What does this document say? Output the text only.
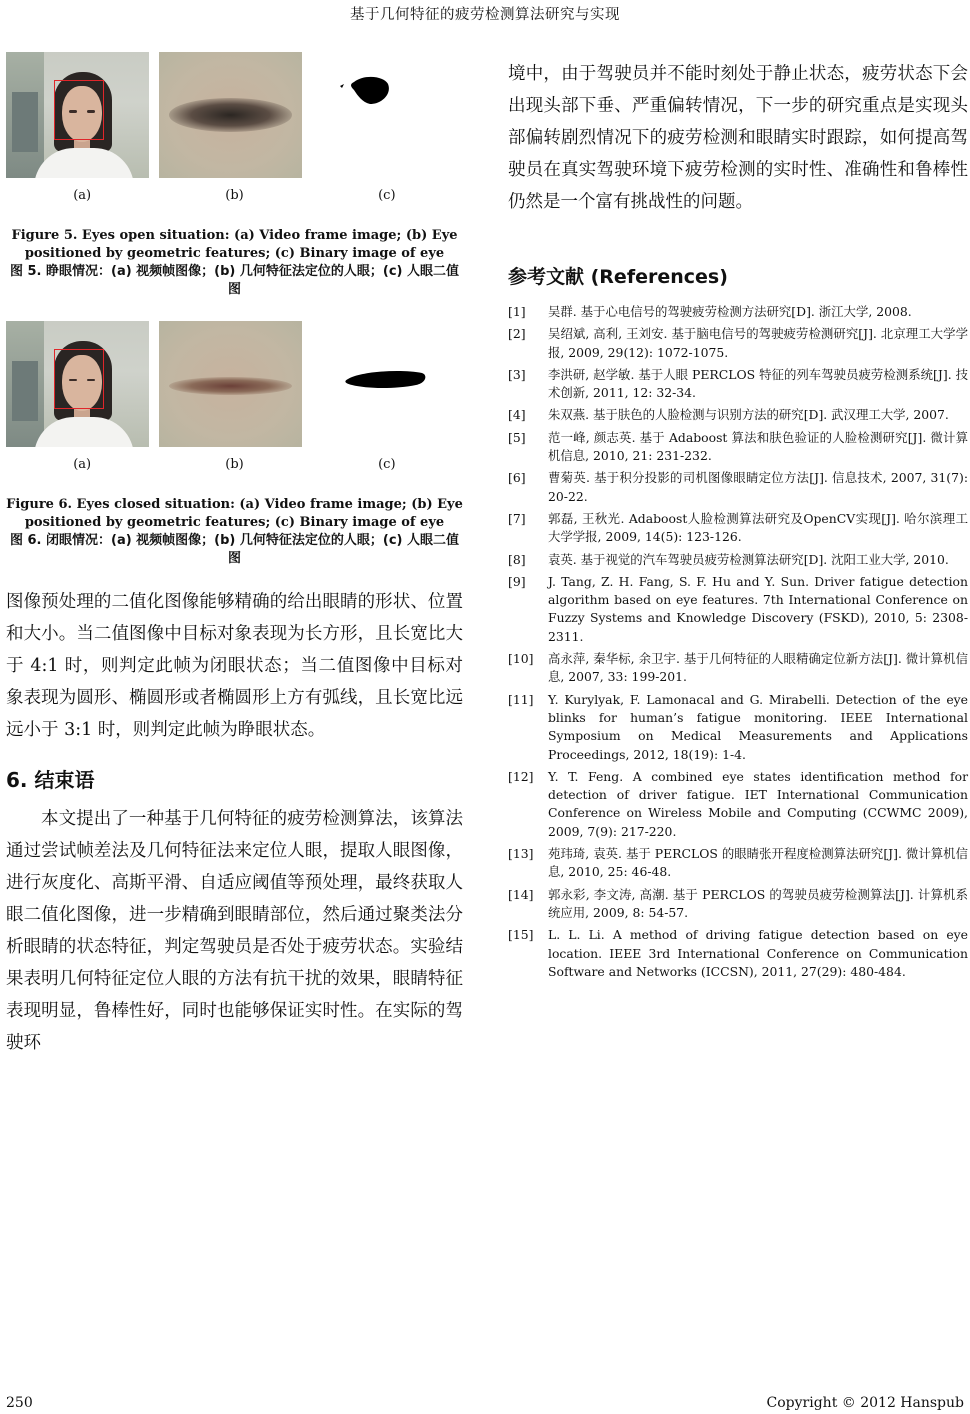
基于几何特征的疲劳检测算法研究与实现
(a)	(b)	(c)
Figure 5. Eyes open situation: (a) Video frame image; (b) Eye positioned by geometric features; (c) Binary image of eye
图 5. 睁眼情况：(a) 视频帧图像；(b) 几何特征法定位的人眼；(c) 人眼二值图
(a)	(b)	(c)
Figure 6. Eyes closed situation: (a) Video frame image; (b) Eye positioned by geometric features; (c) Binary image of eye
图 6. 闭眼情况：(a) 视频帧图像；(b) 几何特征法定位的人眼；(c) 人眼二值图

图像预处理的二值化图像能够精确的给出眼睛的形状、位置和大小。当二值图像中目标对象表现为长方形，且长宽比大于 4:1 时，则判定此帧为闭眼状态；当二值图像中目标对象表现为圆形、椭圆形或者椭圆形上方有弧线，且长宽比远远小于 3:1 时，则判定此帧为睁眼状态。

6. 结束语

本文提出了一种基于几何特征的疲劳检测算法，该算法通过尝试帧差法及几何特征法来定位人眼，提取人眼图像，进行灰度化、高斯平滑、自适应阈值等预处理，最终获取人眼二值化图像，进一步精确到眼睛部位，然后通过聚类法分析眼睛的状态特征，判定驾驶员是否处于疲劳状态。实验结果表明几何特征定位人眼的方法有抗干扰的效果，眼睛特征表现明显，鲁棒性好，同时也能够保证实时性。在实际的驾驶环

境中，由于驾驶员并不能时刻处于静止状态，疲劳状态下会出现头部下垂、严重偏转情况，下一步的研究重点是实现头部偏转剧烈情况下的疲劳检测和眼睛实时跟踪，如何提高驾驶员在真实驾驶环境下疲劳检测的实时性、准确性和鲁棒性仍然是一个富有挑战性的问题。

参考文献 (References)
[1]	吴群. 基于心电信号的驾驶疲劳检测方法研究[D]. 浙江大学, 2008.
[2]	吴绍斌, 高利, 王刘安. 基于脑电信号的驾驶疲劳检测研究[J]. 北京理工大学学报, 2009, 29(12): 1072-1075.
[3]	李洪研, 赵学敏. 基于人眼 PERCLOS 特征的列车驾驶员疲劳检测系统[J]. 技术创新, 2011, 12: 32-34.
[4]	朱双燕. 基于肤色的人脸检测与识别方法的研究[D]. 武汉理工大学, 2007.
[5]	范一峰, 颜志英. 基于 Adaboost 算法和肤色验证的人脸检测研究[J]. 微计算机信息, 2010, 21: 231-232.
[6]	曹菊英. 基于积分投影的司机图像眼睛定位方法[J]. 信息技术, 2007, 31(7): 20-22.
[7]	郭磊, 王秋光. Adaboost人脸检测算法研究及OpenCV实现[J]. 哈尔滨理工大学学报, 2009, 14(5): 123-126.
[8]	袁英. 基于视觉的汽车驾驶员疲劳检测算法研究[D]. 沈阳工业大学, 2010.
[9]	J. Tang, Z. H. Fang, S. F. Hu and Y. Sun. Driver fatigue detection algorithm based on eye features. 7th International Conference on Fuzzy Systems and Knowledge Discovery (FSKD), 2010, 5: 2308-2311.
[10]	高永萍, 秦华标, 余卫宇. 基于几何特征的人眼精确定位新方法[J]. 微计算机信息, 2007, 33: 199-201.
[11]	Y. Kurylyak, F. Lamonacal and G. Mirabelli. Detection of the eye blinks for human’s fatigue monitoring. IEEE International Symposium on Medical Measurements and Applications Proceedings, 2012, 18(19): 1-4.
[12]	Y. T. Feng. A combined eye states identification method for detection of driver fatigue. IET International Communication Conference on Wireless Mobile and Computing (CCWMC 2009), 2009, 7(9): 217-220.
[13]	苑玮琦, 袁英. 基于 PERCLOS 的眼睛张开程度检测算法研究[J]. 微计算机信息, 2010, 25: 46-48.
[14]	郭永彩, 李文涛, 高潮. 基于 PERCLOS 的驾驶员疲劳检测算法[J]. 计算机系统应用, 2009, 8: 54-57.
[15]	L. L. Li. A method of driving fatigue detection based on eye location. IEEE 3rd International Conference on Communication Software and Networks (ICCSN), 2011, 27(29): 480-484.
250	Copyright © 2012 Hanspub
